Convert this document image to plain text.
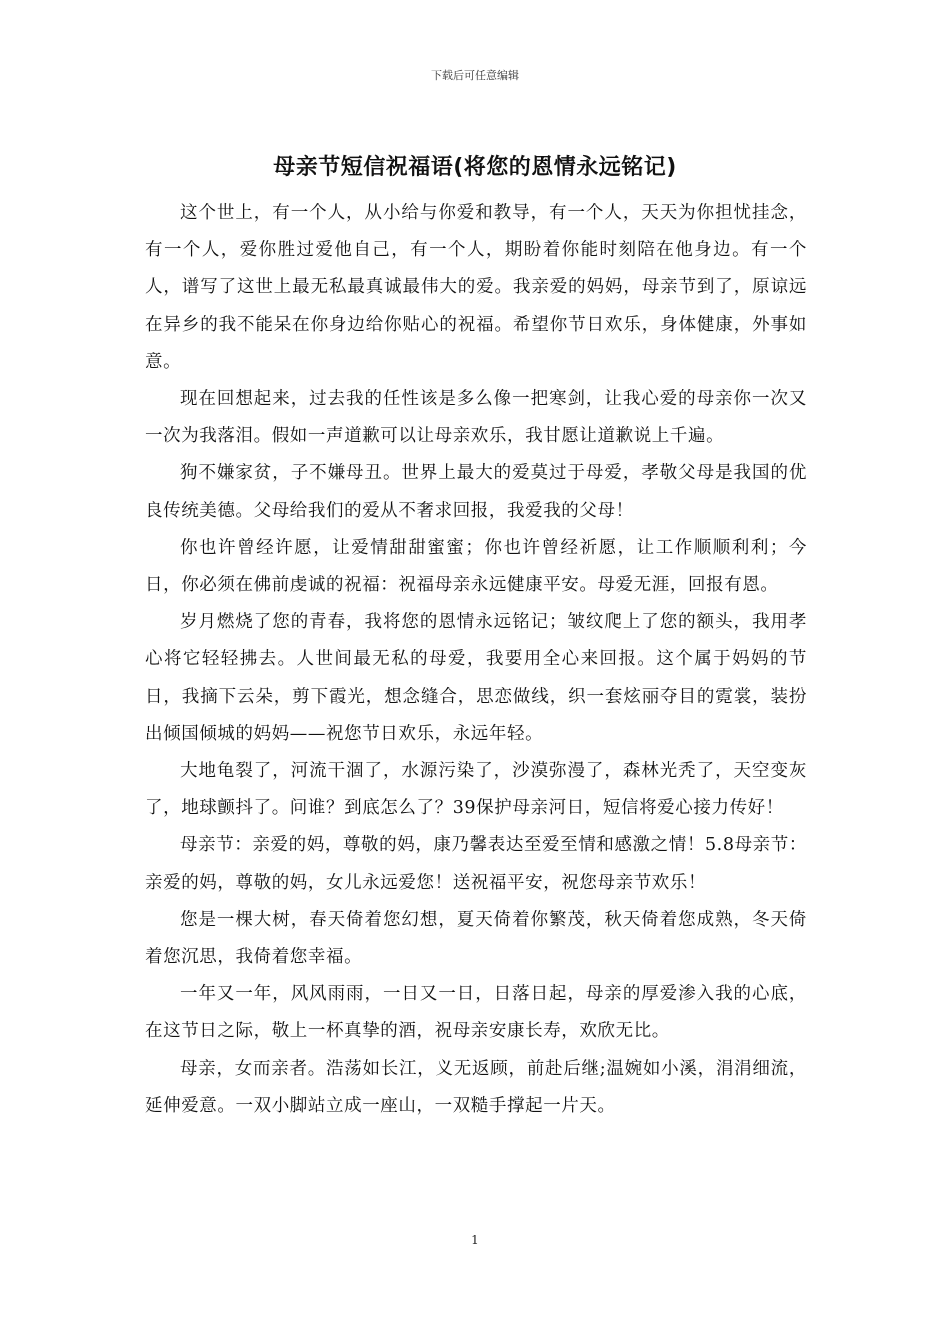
下载后可任意编辑
母亲节短信祝福语(将您的恩情永远铭记)

这个世上，有一个人，从小给与你爱和教导，有一个人，天天为你担忧挂念，有一个人，爱你胜过爱他自己，有一个人，期盼着你能时刻陪在他身边。有一个人，谱写了这世上最无私最真诚最伟大的爱。我亲爱的妈妈，母亲节到了，原谅远在异乡的我不能呆在你身边给你贴心的祝福。希望你节日欢乐，身体健康，外事如意。

现在回想起来，过去我的任性该是多么像一把寒剑，让我心爱的母亲你一次又一次为我落泪。假如一声道歉可以让母亲欢乐，我甘愿让道歉说上千遍。

狗不嫌家贫，子不嫌母丑。世界上最大的爱莫过于母爱，孝敬父母是我国的优良传统美德。父母给我们的爱从不奢求回报，我爱我的父母！

你也许曾经许愿，让爱情甜甜蜜蜜；你也许曾经祈愿，让工作顺顺利利；今日，你必须在佛前虔诚的祝福：祝福母亲永远健康平安。母爱无涯，回报有恩。

岁月燃烧了您的青春，我将您的恩情永远铭记；皱纹爬上了您的额头，我用孝心将它轻轻拂去。人世间最无私的母爱，我要用全心来回报。这个属于妈妈的节日，我摘下云朵，剪下霞光，想念缝合，思恋做线，织一套炫丽夺目的霓裳，装扮出倾国倾城的妈妈——祝您节日欢乐，永远年轻。

大地龟裂了，河流干涸了，水源污染了，沙漠弥漫了，森林光秃了，天空变灰了，地球颤抖了。问谁？到底怎么了？39保护母亲河日，短信将爱心接力传好！

母亲节：亲爱的妈，尊敬的妈，康乃馨表达至爱至情和感激之情！5.8母亲节：亲爱的妈，尊敬的妈，女儿永远爱您！送祝福平安，祝您母亲节欢乐！

您是一棵大树，春天倚着您幻想，夏天倚着你繁茂，秋天倚着您成熟，冬天倚着您沉思，我倚着您幸福。

一年又一年，风风雨雨，一日又一日，日落日起，母亲的厚爱渗入我的心底，在这节日之际，敬上一杯真挚的酒，祝母亲安康长寿，欢欣无比。

母亲，女而亲者。浩荡如长江，义无返顾，前赴后继;温婉如小溪，涓涓细流，延伸爱意。一双小脚站立成一座山，一双糙手撑起一片天。

1
